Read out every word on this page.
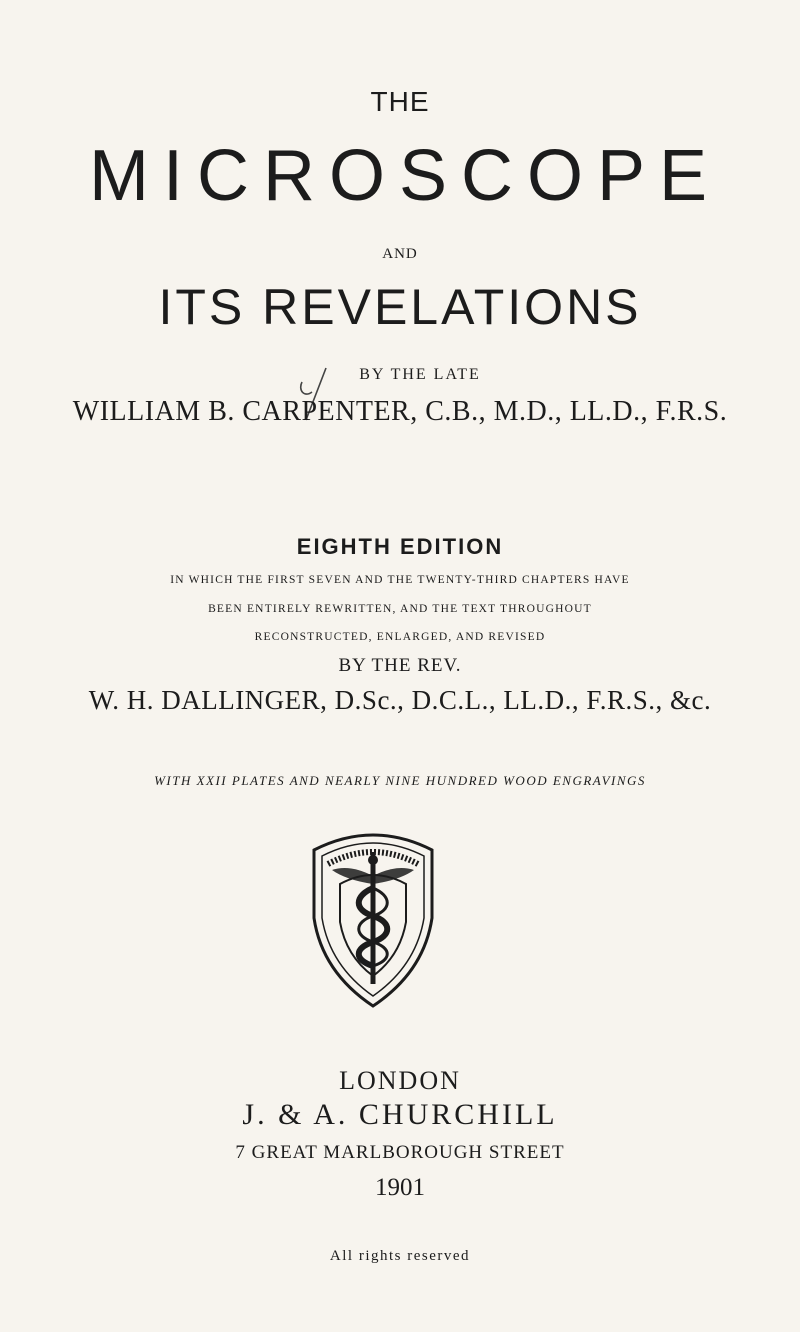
THE
MICROSCOPE
AND
ITS REVELATIONS
BY THE LATE
WILLIAM B. CARPENTER, C.B., M.D., LL.D., F.R.S.
EIGHTH EDITION
IN WHICH THE FIRST SEVEN AND THE TWENTY-THIRD CHAPTERS HAVE
BEEN ENTIRELY REWRITTEN, AND THE TEXT THROUGHOUT
RECONSTRUCTED, ENLARGED, AND REVISED
BY THE REV.
W. H. DALLINGER, D.Sc., D.C.L., LL.D., F.R.S., &c.
WITH XXII PLATES AND NEARLY NINE HUNDRED WOOD ENGRAVINGS
LONDON
J. & A. CHURCHILL
7 GREAT MARLBOROUGH STREET
1901
All rights reserved
